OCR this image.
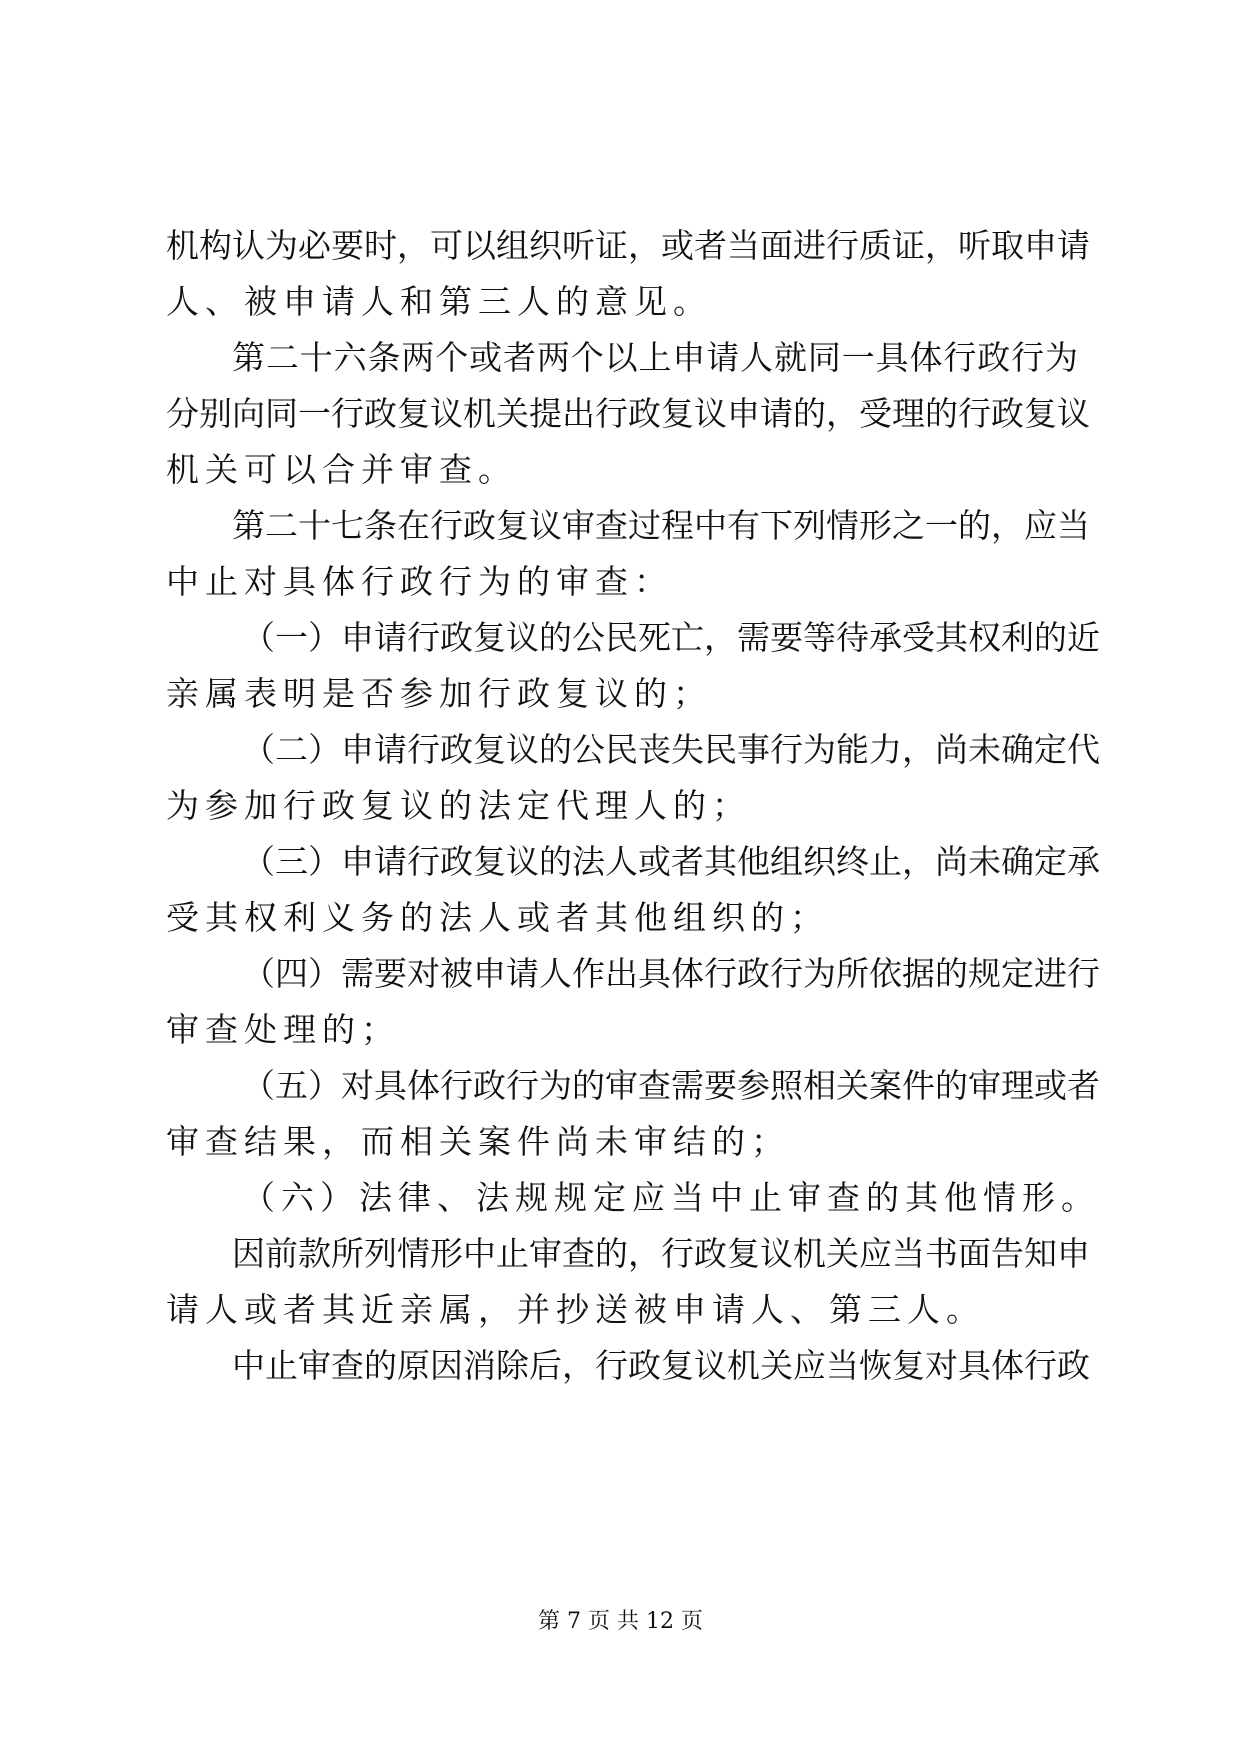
机 构 认 为 必 要 时 ， 可 以 组 织 听 证 ， 或 者 当 面 进 行 质 证 ， 听 取 申 请
人、被申请人和第三人的意见。
第 二 十 六 条 两 个 或 者 两 个 以 上 申 请 人 就 同 一 具 体 行 政 行 为
分 别 向 同 一 行 政 复 议 机 关 提 出 行 政 复 议 申 请 的 ， 受 理 的 行 政 复 议
机关可以合并审查。
第 二 十 七 条 在 行 政 复 议 审 查 过 程 中 有 下 列 情 形 之 一 的 ， 应 当
中止对具体行政行为的审查：
（ 一 ） 申 请 行 政 复 议 的 公 民 死 亡 ， 需 要 等 待 承 受 其 权 利 的 近
亲属表明是否参加行政复议的；
（ 二 ） 申 请 行 政 复 议 的 公 民 丧 失 民 事 行 为 能 力 ， 尚 未 确 定 代
为参加行政复议的法定代理人的；
（ 三 ） 申 请 行 政 复 议 的 法 人 或 者 其 他 组 织 终 止 ， 尚 未 确 定 承
受其权利义务的法人或者其他组织的；
（ 四 ） 需 要 对 被 申 请 人 作 出 具 体 行 政 行 为 所 依 据 的 规 定 进 行
审查处理的；
（ 五 ） 对 具 体 行 政 行 为 的 审 查 需 要 参 照 相 关 案 件 的 审 理 或 者
审查结果，而相关案件尚未审结的；
（六）法律、法规规定应当中止审查的其他情形。
因 前 款 所 列 情 形 中 止 审 查 的 ， 行 政 复 议 机 关 应 当 书 面 告 知 申
请人或者其近亲属，并抄送被申请人、第三人。
中 止 审 查 的 原 因 消 除 后 ， 行 政 复 议 机 关 应 当 恢 复 对 具 体 行 政
第 7 页 共 12 页
